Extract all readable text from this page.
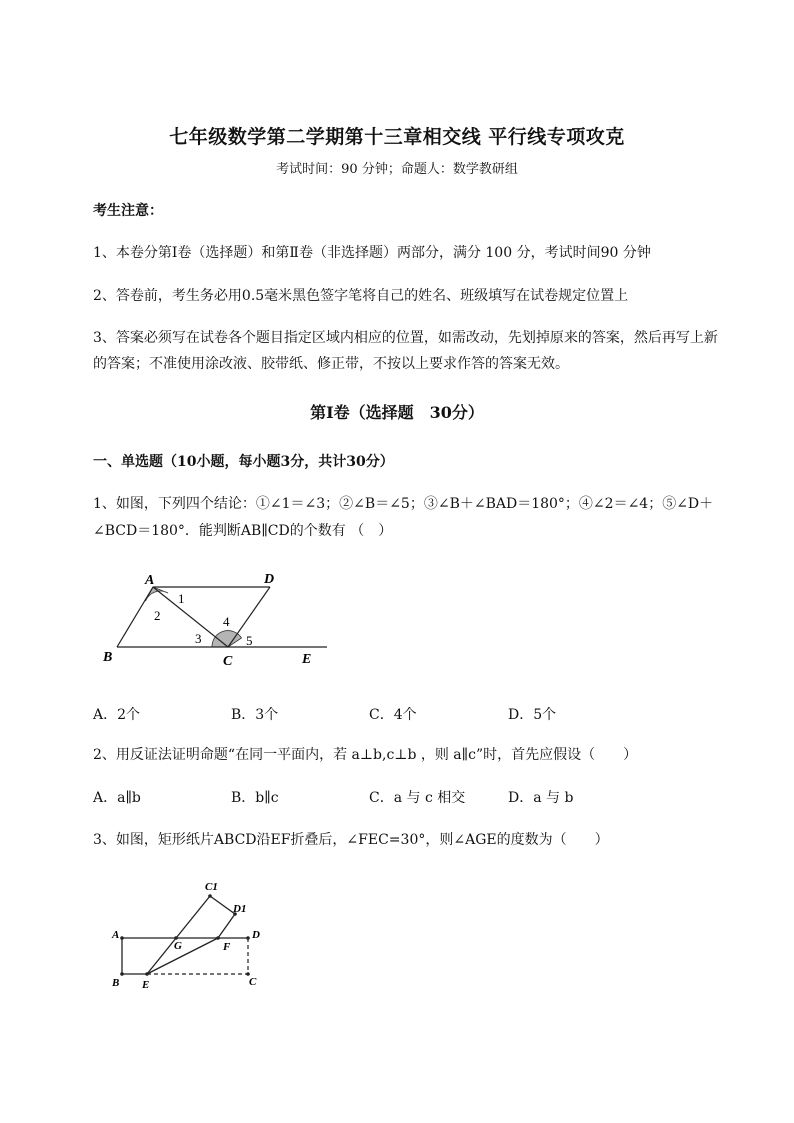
七年级数学第二学期第十三章相交线 平行线专项攻克
考试时间：90 分钟；命题人：数学教研组
考生注意：
1、本卷分第Ⅰ卷（选择题）和第Ⅱ卷（非选择题）两部分，满分 100 分，考试时间90 分钟
2、答卷前，考生务必用0.5毫米黑色签字笔将自己的姓名、班级填写在试卷规定位置上
3、答案必须写在试卷各个题目指定区域内相应的位置，如需改动，先划掉原来的答案，然后再写上新
的答案；不准使用涂改液、胶带纸、修正带，不按以上要求作答的答案无效。
第Ⅰ卷（选择题　30分）
一、单选题（10小题，每小题3分，共计30分）
1、如图，下列四个结论：①∠1＝∠3；②∠B＝∠5；③∠B＋∠BAD＝180°；④∠2＝∠4；⑤∠D＋
∠BCD＝180°．能判断AB∥CD的个数有 （　）
A	D
1
2	4
3	5
B	C	E
A．2个	B．3个	C．4个	D．5个
2、用反证法证明命题“在同一平面内，若 a⊥b,c⊥b ，则 a∥c”时，首先应假设（　　）
A．a∥b	B．b∥c	C．a 与 c 相交	D．a 与 b
3、如图，矩形纸片ABCD沿EF折叠后，∠FEC=30°，则∠AGE的度数为（　　）
C1
D1
A
G	F
D
B E	C
